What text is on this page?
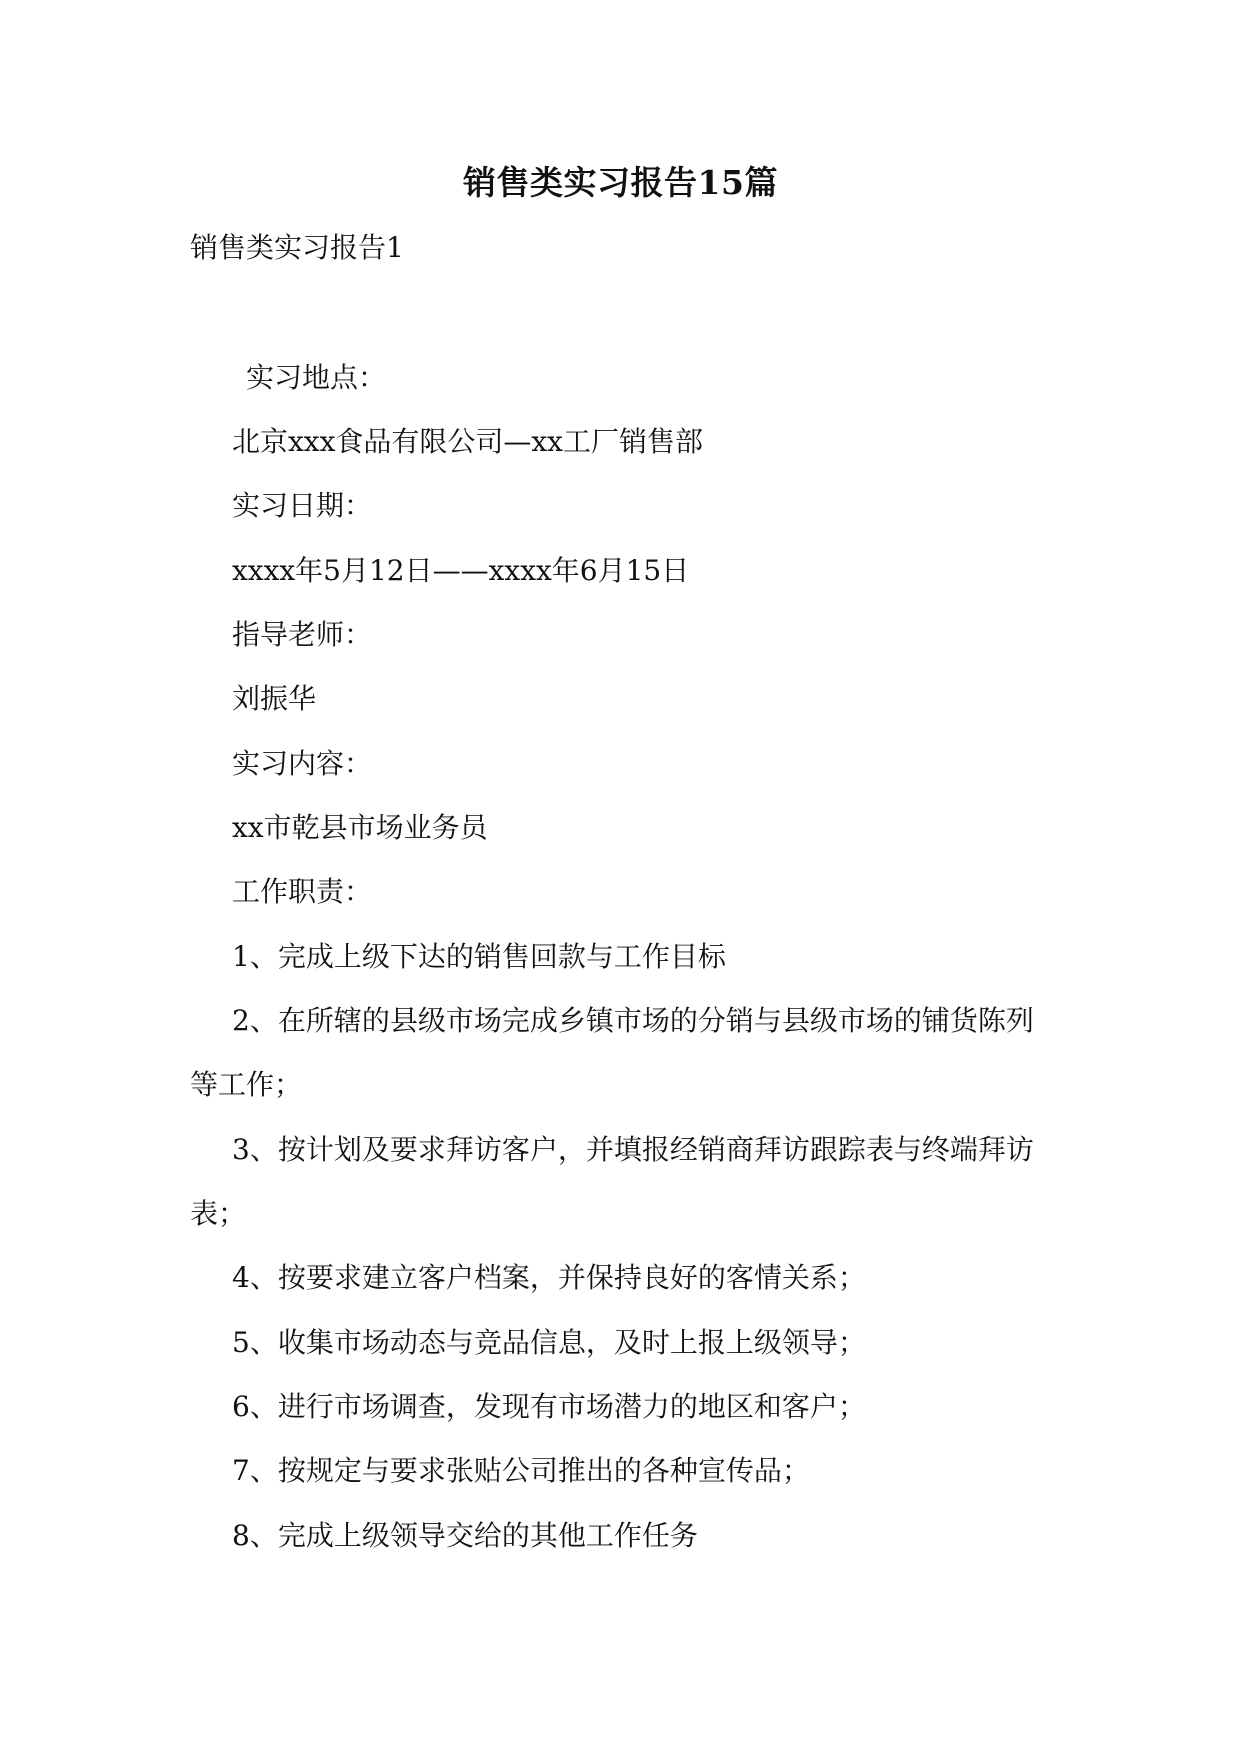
销售类实习报告15篇
销售类实习报告1
实习地点：
北京xxx食品有限公司—xx工厂销售部
实习日期：
xxxx年5月12日——xxxx年6月15日
指导老师：
刘振华
实习内容：
xx市乾县市场业务员
工作职责：
1、完成上级下达的销售回款与工作目标
2、在所辖的县级市场完成乡镇市场的分销与县级市场的铺货陈列
等工作；
3、按计划及要求拜访客户，并填报经销商拜访跟踪表与终端拜访
表；
4、按要求建立客户档案，并保持良好的客情关系；
5、收集市场动态与竞品信息，及时上报上级领导；
6、进行市场调查，发现有市场潜力的地区和客户；
7、按规定与要求张贴公司推出的各种宣传品；
8、完成上级领导交给的其他工作任务
